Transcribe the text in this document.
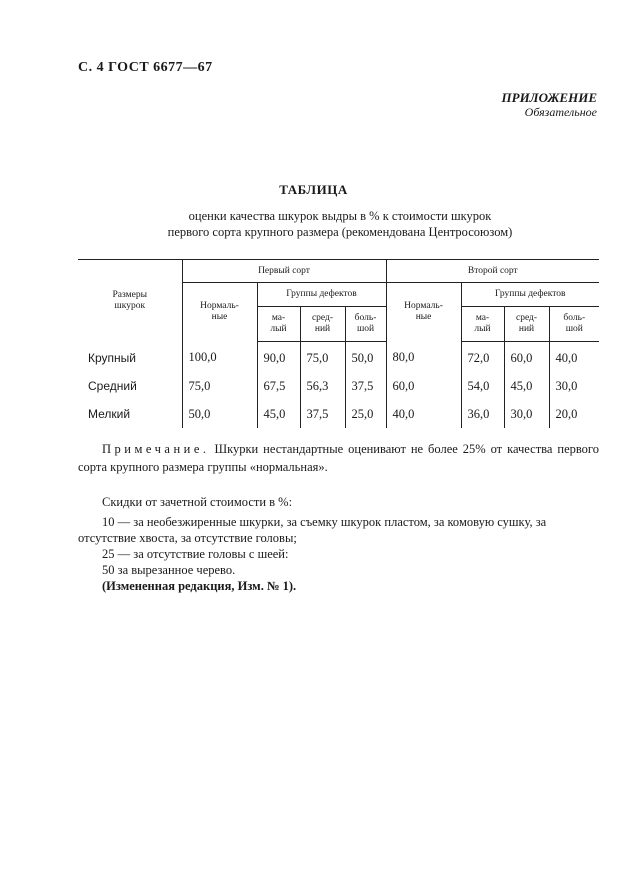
С. 4 ГОСТ 6677—67
ПРИЛОЖЕНИЕ
Обязательное
ТАБЛИЦА
оценки качества шкурок выдры в % к стоимости шкурок
первого сорта крупного размера (рекомендована Центросоюзом)
Размеры шкурок	Первый сорт				Второй сорт			
	Нормаль-ные	Группы дефектов			Нормаль-ные	Группы дефектов		
		ма-лый	сред-ний	боль-шой		ма-лый	сред-ний	боль-шой
Крупный	100,0	90,0	75,0	50,0	80,0	72,0	60,0	40,0
Средний	75,0	67,5	56,3	37,5	60,0	54,0	45,0	30,0
Мелкий	50,0	45,0	37,5	25,0	40,0	36,0	30,0	20,0
Примечание. Шкурки нестандартные оценивают не более 25% от качества первого сорта крупного размера группы «нормальная».

Скидки от зачетной стоимости в %:

10 — за необезжиренные шкурки, за съемку шкурок пластом, за комовую сушку, за отсутствие хвоста, за отсутствие головы;

25 — за отсутствие головы с шеей:

50 за вырезанное черево.

(Измененная редакция, Изм. № 1).
